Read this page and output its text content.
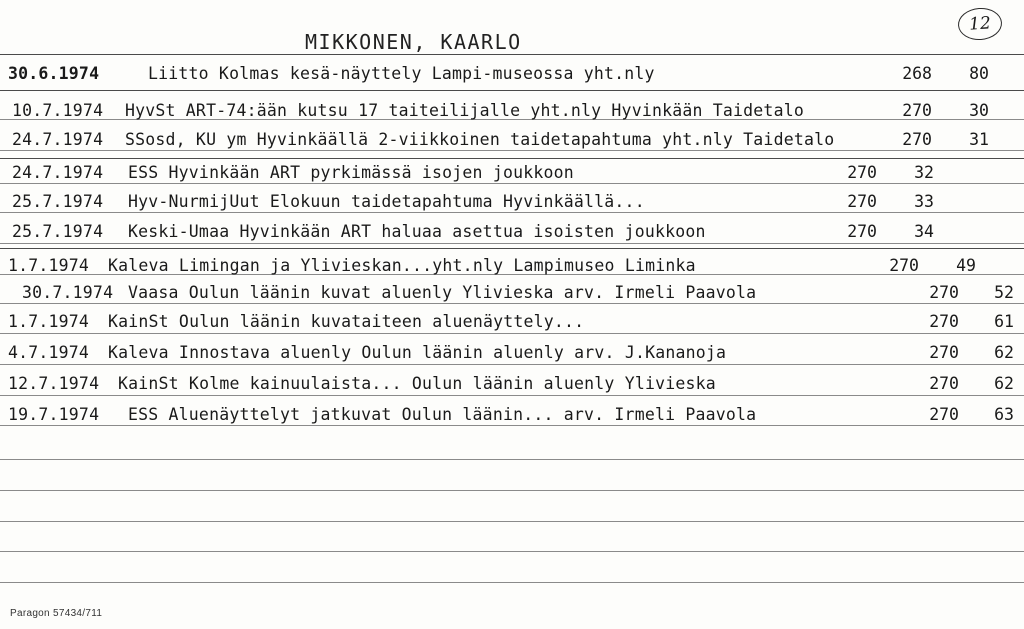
MIKKONEN, KAARLO
12
30.6.1974	Liitto Kolmas kesä-näyttely Lampi-museossa yht.nly	268	80
10.7.1974 HyvSt ART-74:ään kutsu 17 taiteilijalle yht.nly Hyvinkään Taidetalo	270	30
24.7.1974 SSosd, KU ym Hyvinkäällä 2-viikkoinen taidetapahtuma yht.nly Taidetalo	270	31
24.7.1974 ESS Hyvinkään ART pyrkimässä isojen joukkoon	270	32
25.7.1974 Hyv-NurmijUut Elokuun taidetapahtuma Hyvinkäällä...	270	33
25.7.1974 Keski-Umaa Hyvinkään ART haluaa asettua isoisten joukkoon	270	34
1.7.1974 Kaleva Limingan ja Ylivieskan...yht.nly Lampimuseo Liminka	270	49
30.7.1974 Vaasa Oulun läänin kuvat aluenly Ylivieska arv. Irmeli Paavola	270	52
1.7.1974 KainSt Oulun läänin kuvataiteen aluenäyttely...	270	61
4.7.1974 Kaleva Innostava aluenly Oulun läänin aluenly arv. J.Kananoja	270	62
12.7.1974 KainSt Kolme kainuulaista... Oulun läänin aluenly Ylivieska	270	62
19.7.1974 ESS Aluenäyttelyt jatkuvat Oulun läänin... arv. Irmeli Paavola	270	63
Paragon 57434/711
